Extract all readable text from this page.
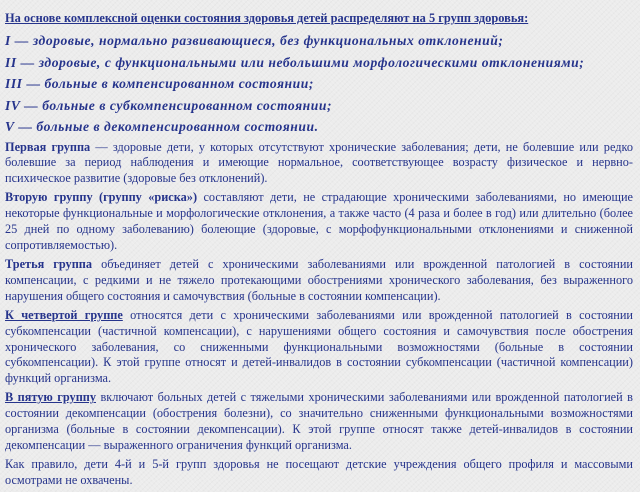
На основе комплексной оценки состояния здоровья детей распределяют на 5 групп здоровья:
I — здоровые, нормально развивающиеся, без функциональных отклонений;
II — здоровые, с функциональными или небольшими морфологическими отклонениями;
III — больные в компенсированном состоянии;
IV — больные в субкомпенсированном состоянии;
V — больные в декомпенсированном состоянии.

Первая группа — здоровые дети, у которых отсутствуют хронические заболевания; дети, не болевшие или редко болевшие за период наблюдения и имеющие нормальное, соответствующее возрасту физическое и нервно-психическое развитие (здоровые без отклонений).

Вторую группу (группу «риска») составляют дети, не страдающие хроническими заболеваниями, но имеющие некоторые функциональные и морфологические отклонения, а также часто (4 раза и более в год) или длительно (более 25 дней по одному заболеванию) болеющие (здоровые, с морфофункциональными отклонениями и сниженной сопротивляемостью).

Третья группа объединяет детей с хроническими заболеваниями или врожденной патологией в состоянии компенсации, с редкими и не тяжело протекающими обострениями хронического заболевания, без выраженного нарушения общего состояния и самочувствия (больные в состоянии компенсации).

К четвертой группе относятся дети с хроническими заболеваниями или врожденной патологией в состоянии субкомпенсации (частичной компенсации), с нарушениями общего состояния и самочувствия после обострения хронического заболевания, со сниженными функциональными возможностями (больные в состоянии субкомпенсации). К этой группе относят и детей-инвалидов в состоянии субкомпенсации (частичной компенсации) функций организма.

В пятую группу включают больных детей с тяжелыми хроническими заболеваниями или врожденной патологией в состоянии декомпенсации (обострения болезни), со значительно сниженными функциональными возможностями организма (больные в состоянии декомпенсации). К этой группе относят также детей-инвалидов в состоянии декомпенсации — выраженного ограничения функций организма.

Как правило, дети 4-й и 5-й групп здоровья не посещают детские учреждения общего профиля и массовыми осмотрами не охвачены.
